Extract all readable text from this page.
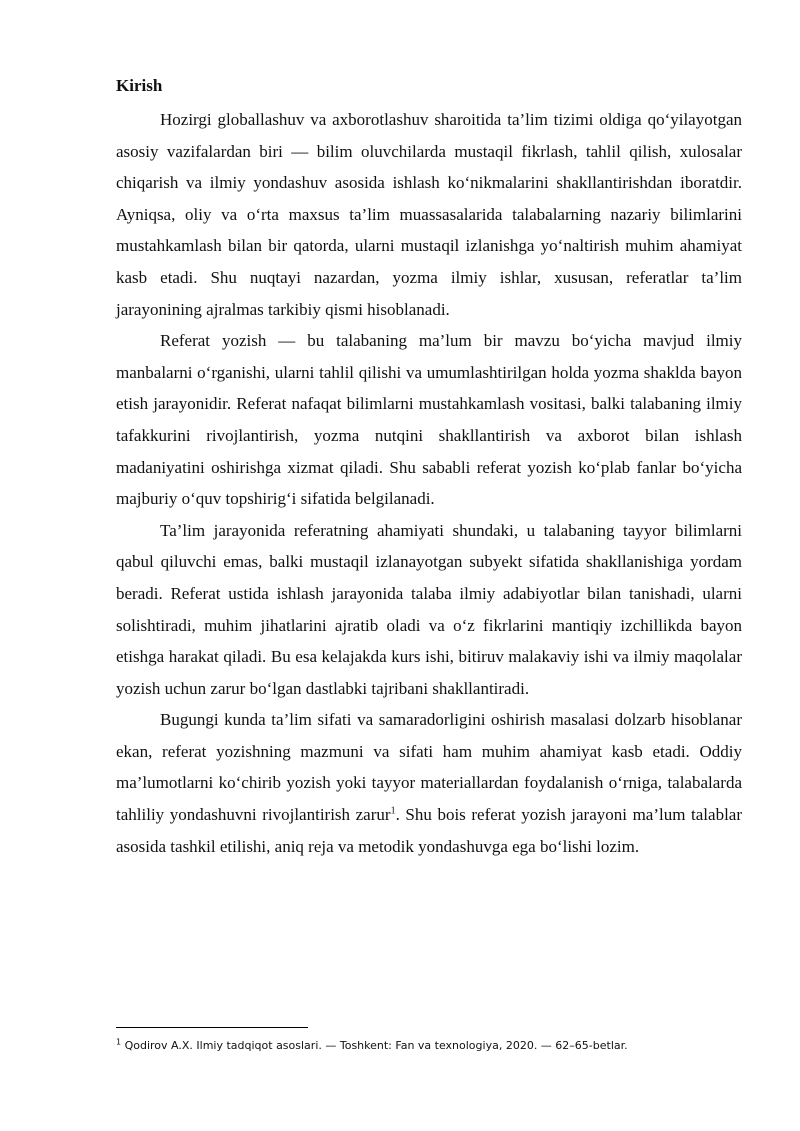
Kirish

Hozirgi globallashuv va axborotlashuv sharoitida ta’lim tizimi oldiga qo‘yilayotgan asosiy vazifalardan biri — bilim oluvchilarda mustaqil fikrlash, tahlil qilish, xulosalar chiqarish va ilmiy yondashuv asosida ishlash ko‘nikmalarini shakllantirishdan iboratdir. Ayniqsa, oliy va o‘rta maxsus ta’lim muassasalarida talabalarning nazariy bilimlarini mustahkamlash bilan bir qatorda, ularni mustaqil izlanishga yo‘naltirish muhim ahamiyat kasb etadi. Shu nuqtayi nazardan, yozma ilmiy ishlar, xususan, referatlar ta’lim jarayonining ajralmas tarkibiy qismi hisoblanadi.

Referat yozish — bu talabaning ma’lum bir mavzu bo‘yicha mavjud ilmiy manbalarni o‘rganishi, ularni tahlil qilishi va umumlashtirilgan holda yozma shaklda bayon etish jarayonidir. Referat nafaqat bilimlarni mustahkamlash vositasi, balki talabaning ilmiy tafakkurini rivojlantirish, yozma nutqini shakllantirish va axborot bilan ishlash madaniyatini oshirishga xizmat qiladi. Shu sababli referat yozish ko‘plab fanlar bo‘yicha majburiy o‘quv topshirig‘i sifatida belgilanadi.

Ta’lim jarayonida referatning ahamiyati shundaki, u talabaning tayyor bilimlarni qabul qiluvchi emas, balki mustaqil izlanayotgan subyekt sifatida shakllanishiga yordam beradi. Referat ustida ishlash jarayonida talaba ilmiy adabiyotlar bilan tanishadi, ularni solishtiradi, muhim jihatlarini ajratib oladi va o‘z fikrlarini mantiqiy izchillikda bayon etishga harakat qiladi. Bu esa kelajakda kurs ishi, bitiruv malakaviy ishi va ilmiy maqolalar yozish uchun zarur bo‘lgan dastlabki tajribani shakllantiradi.

Bugungi kunda ta’lim sifati va samaradorligini oshirish masalasi dolzarb hisoblanar ekan, referat yozishning mazmuni va sifati ham muhim ahamiyat kasb etadi. Oddiy ma’lumotlarni ko‘chirib yozish yoki tayyor materiallardan foydalanish o‘rniga, talabalarda tahliliy yondashuvni rivojlantirish zarur$^1$. Shu bois referat yozish jarayoni ma’lum talablar asosida tashkil etilishi, aniq reja va metodik yondashuvga ega bo‘lishi lozim.

$^1$ Qodirov A.X. Ilmiy tadqiqot asoslari. — Toshkent: Fan va texnologiya, 2020. — 62–65-betlar.
